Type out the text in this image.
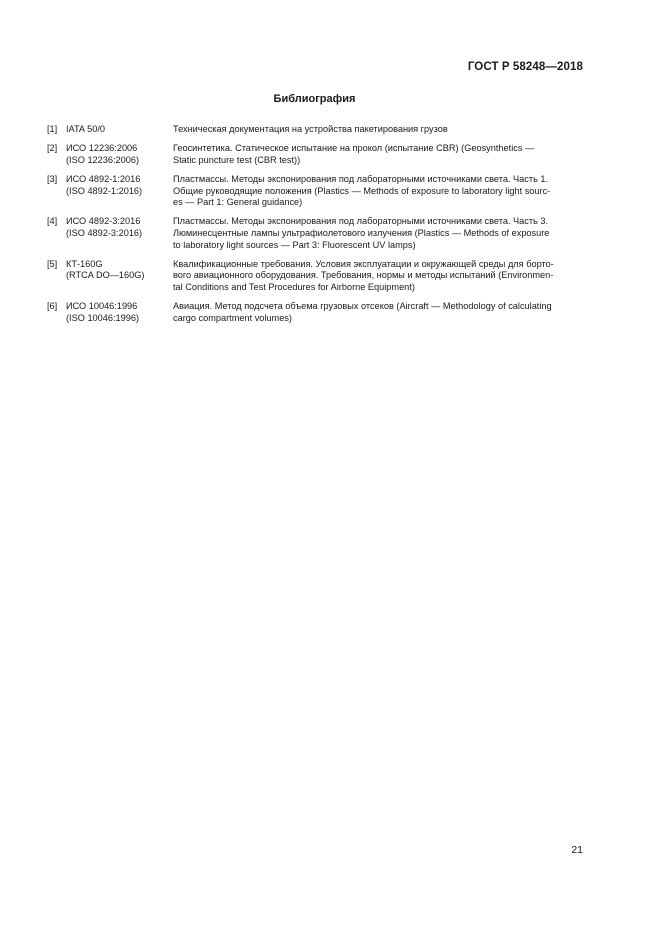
ГОСТ Р 58248—2018
Библиография
[1] IATA 50/0	Техническая документация на устройства пакетирования грузов
[2] ИСО 12236:2006
(ISO 12236:2006)
Геосинтетика. Статическое испытание на прокол (испытание CBR) (Geosynthetics —
Static puncture test (CBR test))
[3] ИСО 4892-1:2016
(ISO 4892-1:2016)
Пластмассы. Методы экспонирования под лабораторными источниками света. Часть 1.
Общие руководящие положения (Plastics — Methods of exposure to laboratory light sourc-
es — Part 1: General guidance)
[4] ИСО 4892-3:2016
(ISO 4892-3:2016)
Пластмассы. Методы экспонирования под лабораторными источниками света. Часть 3.
Люминесцентные лампы ультрафиолетового излучения (Plastics — Methods of exposure
to laboratory light sources — Part 3: Fluorescent UV lamps)
[5] КТ-160G
(RTCA DO—160G)
Квалификационные требования. Условия эксплуатации и окружающей среды для борто-
вого авиационного оборудования. Требования, нормы и методы испытаний (Environmen-
tal Conditions and Test Procedures for Airborne Equipment)
[6] ИСО 10046:1996
(ISO 10046:1996)
Авиация. Метод подсчета объема грузовых отсеков (Aircraft — Methodology of calculating
cargo compartment volumes)
21
